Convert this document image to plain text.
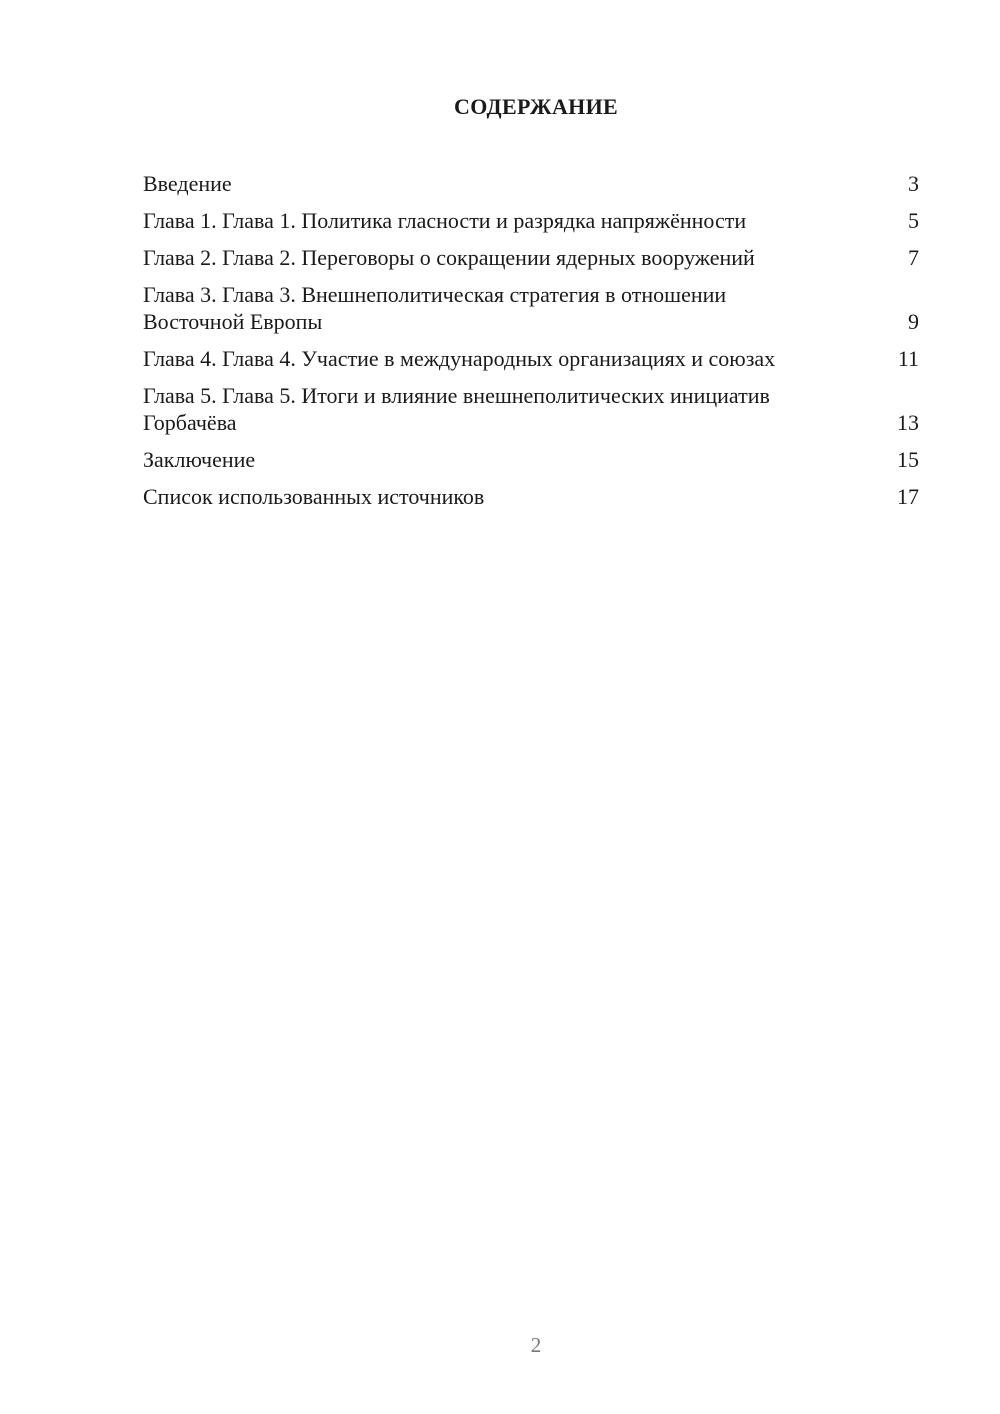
СОДЕРЖАНИЕ
Введение	3
Глава 1. Глава 1. Политика гласности и разрядка напряжённости	5
Глава 2. Глава 2. Переговоры о сокращении ядерных вооружений	7
Глава 3. Глава 3. Внешнеполитическая стратегия в отношении Восточной Европы	9
Глава 4. Глава 4. Участие в международных организациях и союзах	11
Глава 5. Глава 5. Итоги и влияние внешнеполитических инициатив Горбачёва	13
Заключение	15
Список использованных источников	17
2
